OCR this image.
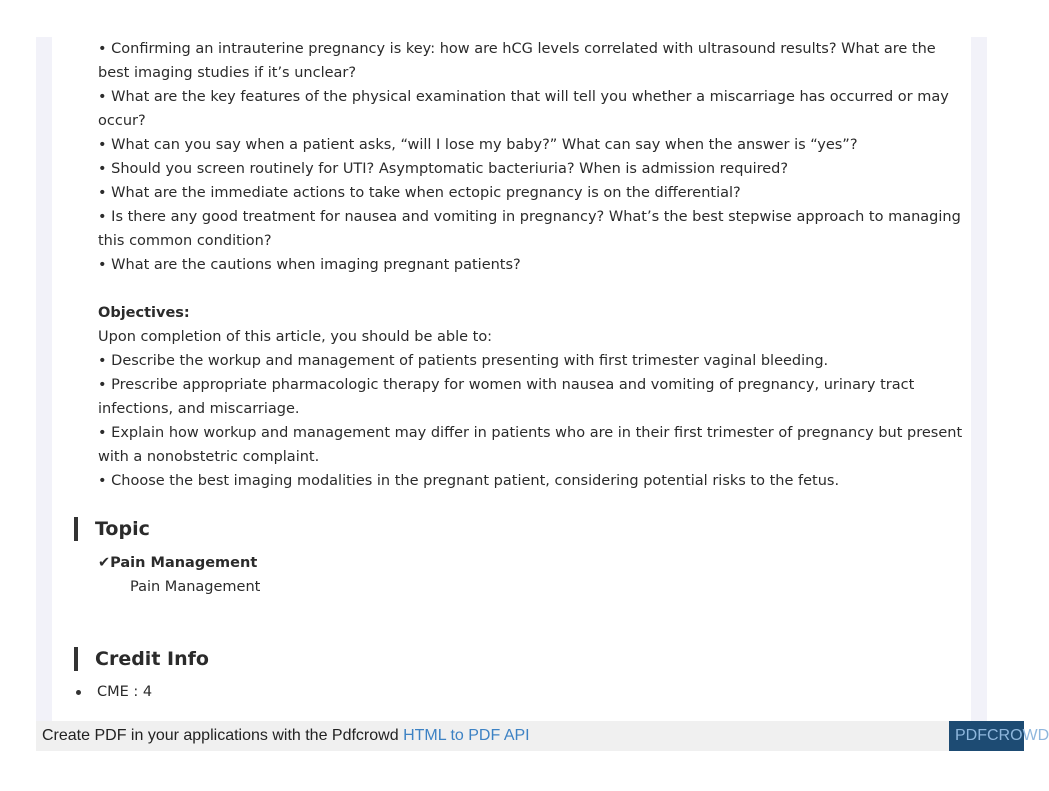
• Confirming an intrauterine pregnancy is key: how are hCG levels correlated with ultrasound results? What are the best imaging studies if it’s unclear?

• What are the key features of the physical examination that will tell you whether a miscarriage has occurred or may occur?

• What can you say when a patient asks, “will I lose my baby?” What can say when the answer is “yes”?

• Should you screen routinely for UTI? Asymptomatic bacteriuria? When is admission required?

• What are the immediate actions to take when ectopic pregnancy is on the differential?

• Is there any good treatment for nausea and vomiting in pregnancy? What’s the best stepwise approach to managing this common condition?

• What are the cautions when imaging pregnant patients?

Objectives:

Upon completion of this article, you should be able to:

• Describe the workup and management of patients presenting with first trimester vaginal bleeding.

• Prescribe appropriate pharmacologic therapy for women with nausea and vomiting of pregnancy, urinary tract infections, and miscarriage.

• Explain how workup and management may differ in patients who are in their first trimester of pregnancy but present with a nonobstetric complaint.

• Choose the best imaging modalities in the pregnant patient, considering potential risks to the fetus.

Topic
✔Pain Management
Pain Management
Credit Info
CME : 4
Create PDF in your applications with the Pdfcrowd HTML to PDF API	PDFCROWD
